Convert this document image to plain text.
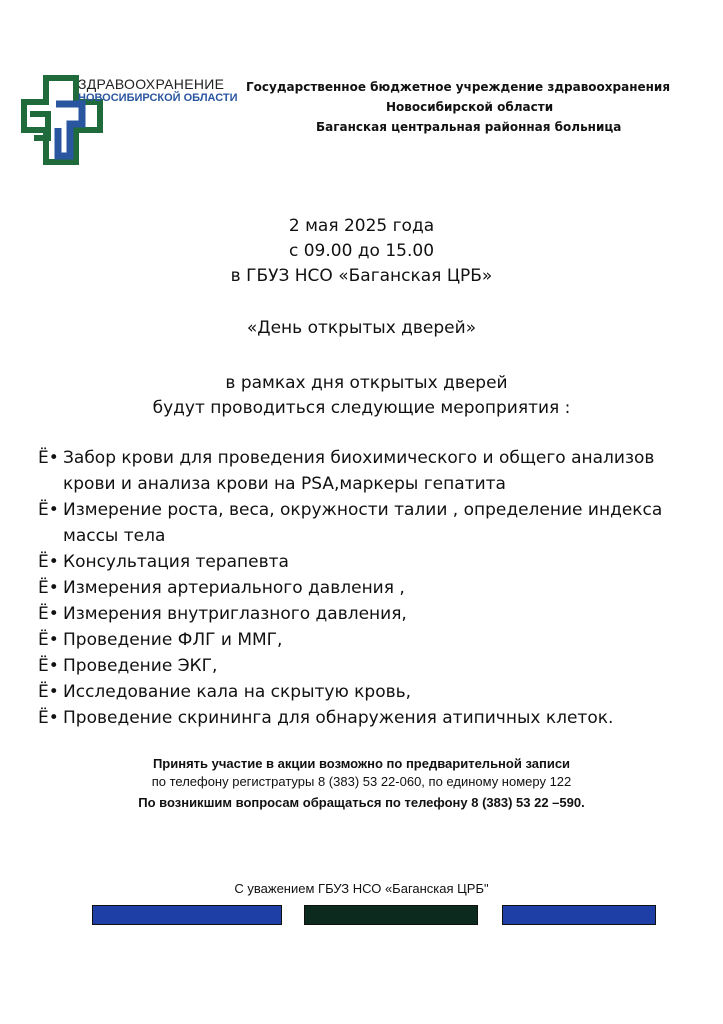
ЗДРАВООХРАНЕНИЕ
НОВОСИБИРСКОЙ ОБЛАСТИ
Государственное бюджетное учреждение здравоохранения
Новосибирской области
Баганская центральная районная больница
2 мая 2025 года
с 09.00 до 15.00
в ГБУЗ НСО «Баганская ЦРБ»
«День открытых дверей»
в рамках дня открытых дверей
будут проводиться следующие мероприятия :
Ё• Забор крови для проведения биохимического и общего анализов крови и анализа крови на PSA,маркеры гепатита
Ё• Измерение роста, веса, окружности талии , определение индекса массы тела
Ё• Консультация терапевта
Ё• Измерения артериального давления ,
Ё• Измерения внутриглазного давления,
Ё• Проведение ФЛГ и ММГ,
Ё• Проведение ЭКГ,
Ё• Исследование кала на скрытую кровь,
Ё• Проведение скрининга для обнаружения атипичных клеток.
Принять участие в акции возможно по предварительной записи
по телефону регистратуры 8 (383) 53 22-060, по единому номеру 122
По возникшим вопросам обращаться по телефону 8 (383) 53 22 –590.
С уважением ГБУЗ НСО «Баганская ЦРБ"
